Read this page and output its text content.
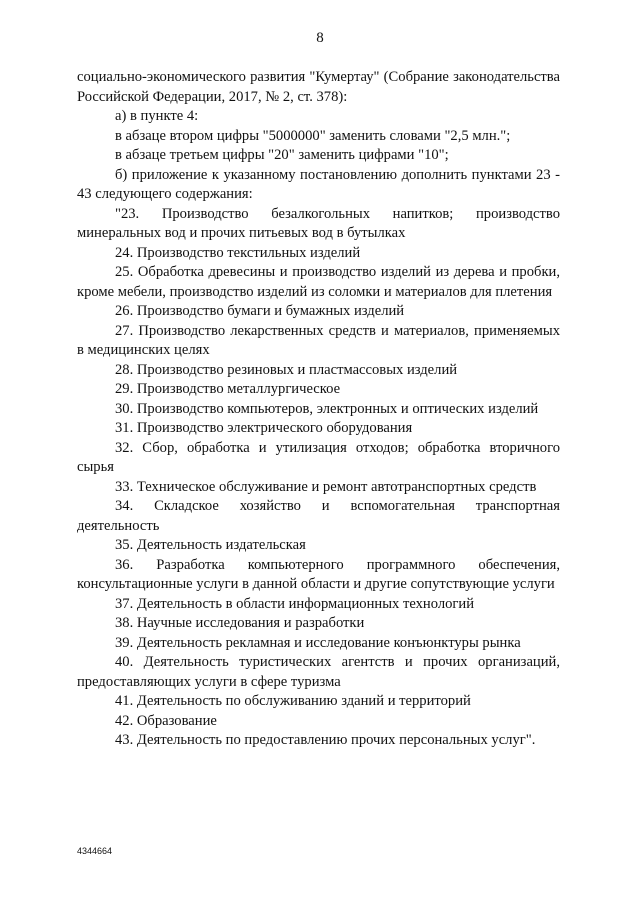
8

социально-экономического развития "Кумертау" (Собрание законодательства Российской Федерации, 2017, № 2, ст. 378):

а) в пункте 4:

в абзаце втором цифры "5000000" заменить словами "2,5 млн.";

в абзаце третьем цифры "20" заменить цифрами "10";

б) приложение к указанному постановлению дополнить пунктами 23 - 43 следующего содержания:

"23. Производство безалкогольных напитков; производство минеральных вод и прочих питьевых вод в бутылках

24. Производство текстильных изделий

25. Обработка древесины и производство изделий из дерева и пробки, кроме мебели, производство изделий из соломки и материалов для плетения

26. Производство бумаги и бумажных изделий

27. Производство лекарственных средств и материалов, применяемых в медицинских целях

28. Производство резиновых и пластмассовых изделий

29. Производство металлургическое

30. Производство компьютеров, электронных и оптических изделий

31. Производство электрического оборудования

32. Сбор, обработка и утилизация отходов; обработка вторичного сырья

33. Техническое обслуживание и ремонт автотранспортных средств

34. Складское хозяйство и вспомогательная транспортная деятельность

35. Деятельность издательская

36. Разработка компьютерного программного обеспечения, консультационные услуги в данной области и другие сопутствующие услуги

37. Деятельность в области информационных технологий

38. Научные исследования и разработки

39. Деятельность рекламная и исследование конъюнктуры рынка

40. Деятельность туристических агентств и прочих организаций, предоставляющих услуги в сфере туризма

41. Деятельность по обслуживанию зданий и территорий

42. Образование

43. Деятельность по предоставлению прочих персональных услуг".

4344664
